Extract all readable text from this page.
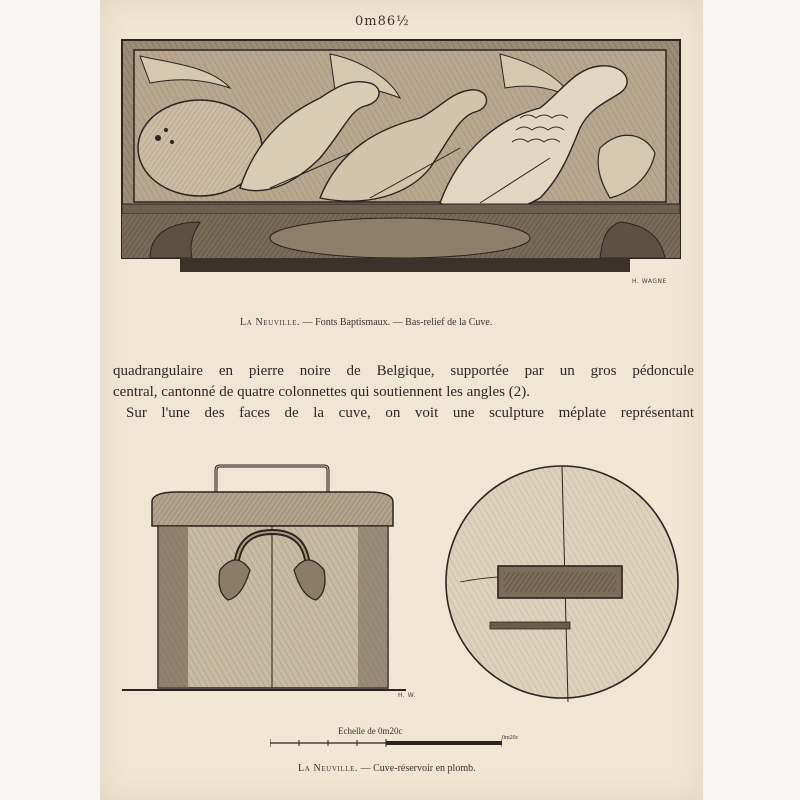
0m86½
H. WAGNE
La Neuville. — Fonts Baptismaux. — Bas-relief de la Cuve.
quadrangulaire en pierre noire de Belgique, supportée par un gros pédoncule
central, cantonné de quatre colonnettes qui soutiennent les angles (2).
Sur l'une des faces de la cuve, on voit une sculpture méplate représentant
H. W.
Echelle de 0m20c
0m20c
La Neuville. — Cuve-réservoir en plomb.
